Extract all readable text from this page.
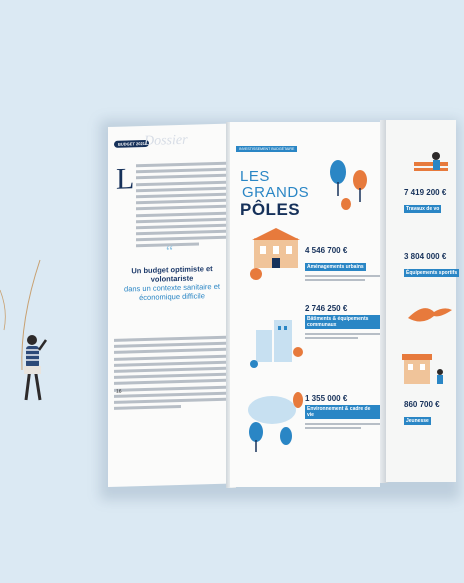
BUDGET 2021 Dossier
L
“
Un budget optimiste et volontariste
dans un contexte sanitaire et économique difficile
16
INVESTISSEMENT BUDGÉTAIRE
LES
GRANDS
PÔLES
4 546 700 €
Aménagements urbains
2 746 250 €
Bâtiments & équipements communaux
1 355 000 €
Environnement & cadre de vie
7 419 200 €
Travaux de vo
3 804 000 €
Équipements sportifs
860 700 €
Jeunesse
